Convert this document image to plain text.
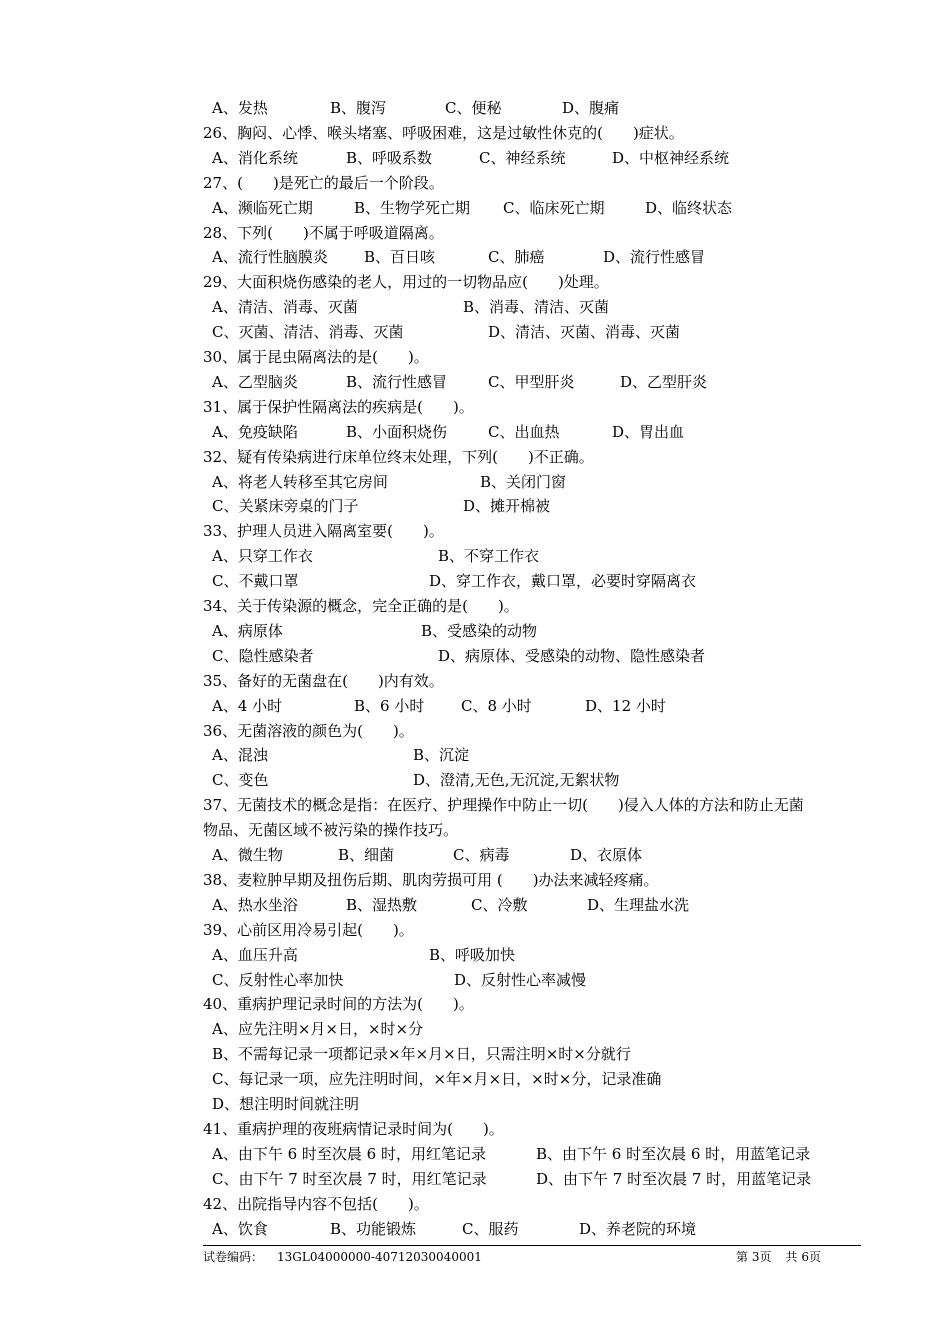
A、发热	B、腹泻	C、便秘	D、腹痛
26、胸闷、心悸、喉头堵塞、呼吸困难，这是过敏性休克的(　　)症状。
A、消化系统	B、呼吸系数	C、神经系统	D、中枢神经系统
27、(　　)是死亡的最后一个阶段。
A、濒临死亡期	B、生物学死亡期 C、临床死亡期	D、临终状态
28、下列(　　)不属于呼吸道隔离。
A、流行性脑膜炎 B、百日咳	C、肺癌	D、流行性感冒
29、大面积烧伤感染的老人，用过的一切物品应(　　)处理。
A、清洁、消毒、灭菌	B、消毒、清洁、灭菌
C、灭菌、清洁、消毒、灭菌	D、清洁、灭菌、消毒、灭菌
30、属于昆虫隔离法的是(　　)。
A、乙型脑炎	B、流行性感冒	C、甲型肝炎	D、乙型肝炎
31、属于保护性隔离法的疾病是(　　)。
A、免疫缺陷	B、小面积烧伤	C、出血热	D、胃出血
32、疑有传染病进行床单位终末处理，下列(　　)不正确。
A、将老人转移至其它房间	B、关闭门窗
C、关紧床旁桌的门子	D、摊开棉被
33、护理人员进入隔离室要(　　)。
A、只穿工作衣	B、不穿工作衣
C、不戴口罩	D、穿工作衣，戴口罩，必要时穿隔离衣
34、关于传染源的概念，完全正确的是(　　)。
A、病原体	B、受感染的动物
C、隐性感染者	D、病原体、受感染的动物、隐性感染者
35、备好的无菌盘在(　　)内有效。
A、4 小时	B、6 小时 C、8 小时	D、12 小时
36、无菌溶液的颜色为(　　)。
A、混浊	B、沉淀
C、变色	D、澄清,无色,无沉淀,无絮状物
37、无菌技术的概念是指：在医疗、护理操作中防止一切(　　)侵入人体的方法和防止无菌
物品、无菌区域不被污染的操作技巧。
A、微生物	B、细菌	C、病毒	D、衣原体
38、麦粒肿早期及扭伤后期、肌肉劳损可用 (　　)办法来减轻疼痛。
A、热水坐浴	B、湿热敷	C、冷敷	D、生理盐水洗
39、心前区用冷易引起(　　)。
A、血压升高	B、呼吸加快
C、反射性心率加快	D、反射性心率减慢
40、重病护理记录时间的方法为(　　)。
A、应先注明×月×日，×时×分
B、不需每记录一项都记录×年×月×日，只需注明×时×分就行
C、每记录一项，应先注明时间，×年×月×日，×时×分，记录准确
D、想注明时间就注明
41、重病护理的夜班病情记录时间为(　　)。
A、由下午 6 时至次晨 6 时，用红笔记录	B、由下午 6 时至次晨 6 时，用蓝笔记录
C、由下午 7 时至次晨 7 时，用红笔记录	D、由下午 7 时至次晨 7 时，用蓝笔记录
42、出院指导内容不包括(　　)。
A、饮食	B、功能锻炼	C、服药	D、养老院的环境
试卷编码： 13GL04000000-40712030040001	第 3页 共 6页
